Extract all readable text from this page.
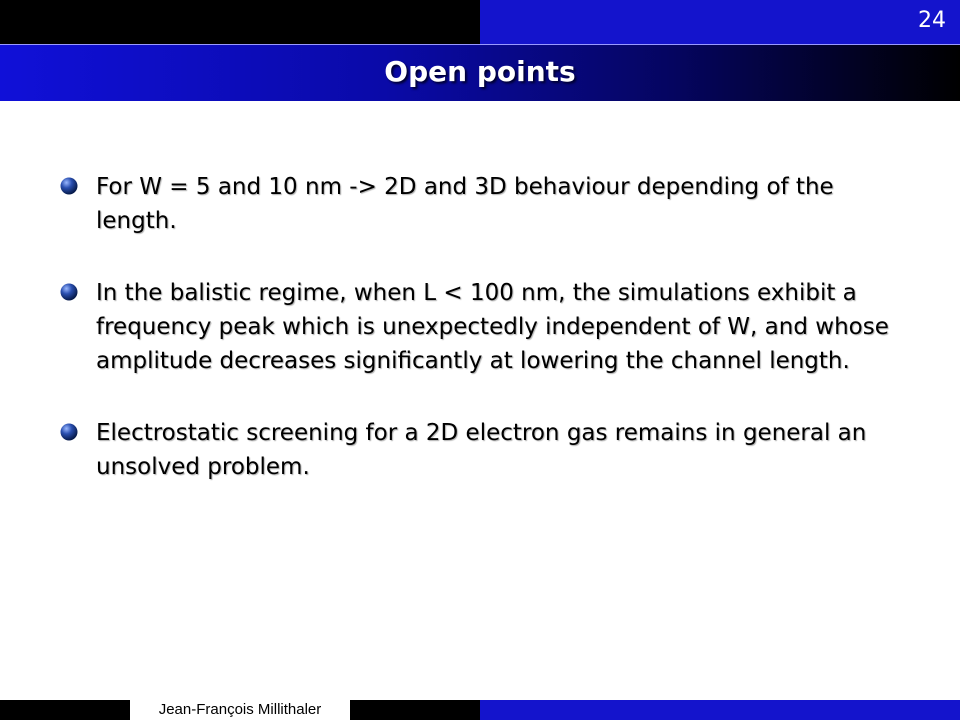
24
Open points
For W = 5 and 10 nm -> 2D and 3D behaviour depending of the length.
In the balistic regime, when L < 100 nm, the simulations exhibit a frequency peak which is unexpectedly independent of W, and whose amplitude decreases significantly at lowering the channel length.
Electrostatic screening for a 2D electron gas remains in general an unsolved problem.
Jean-François Millithaler
